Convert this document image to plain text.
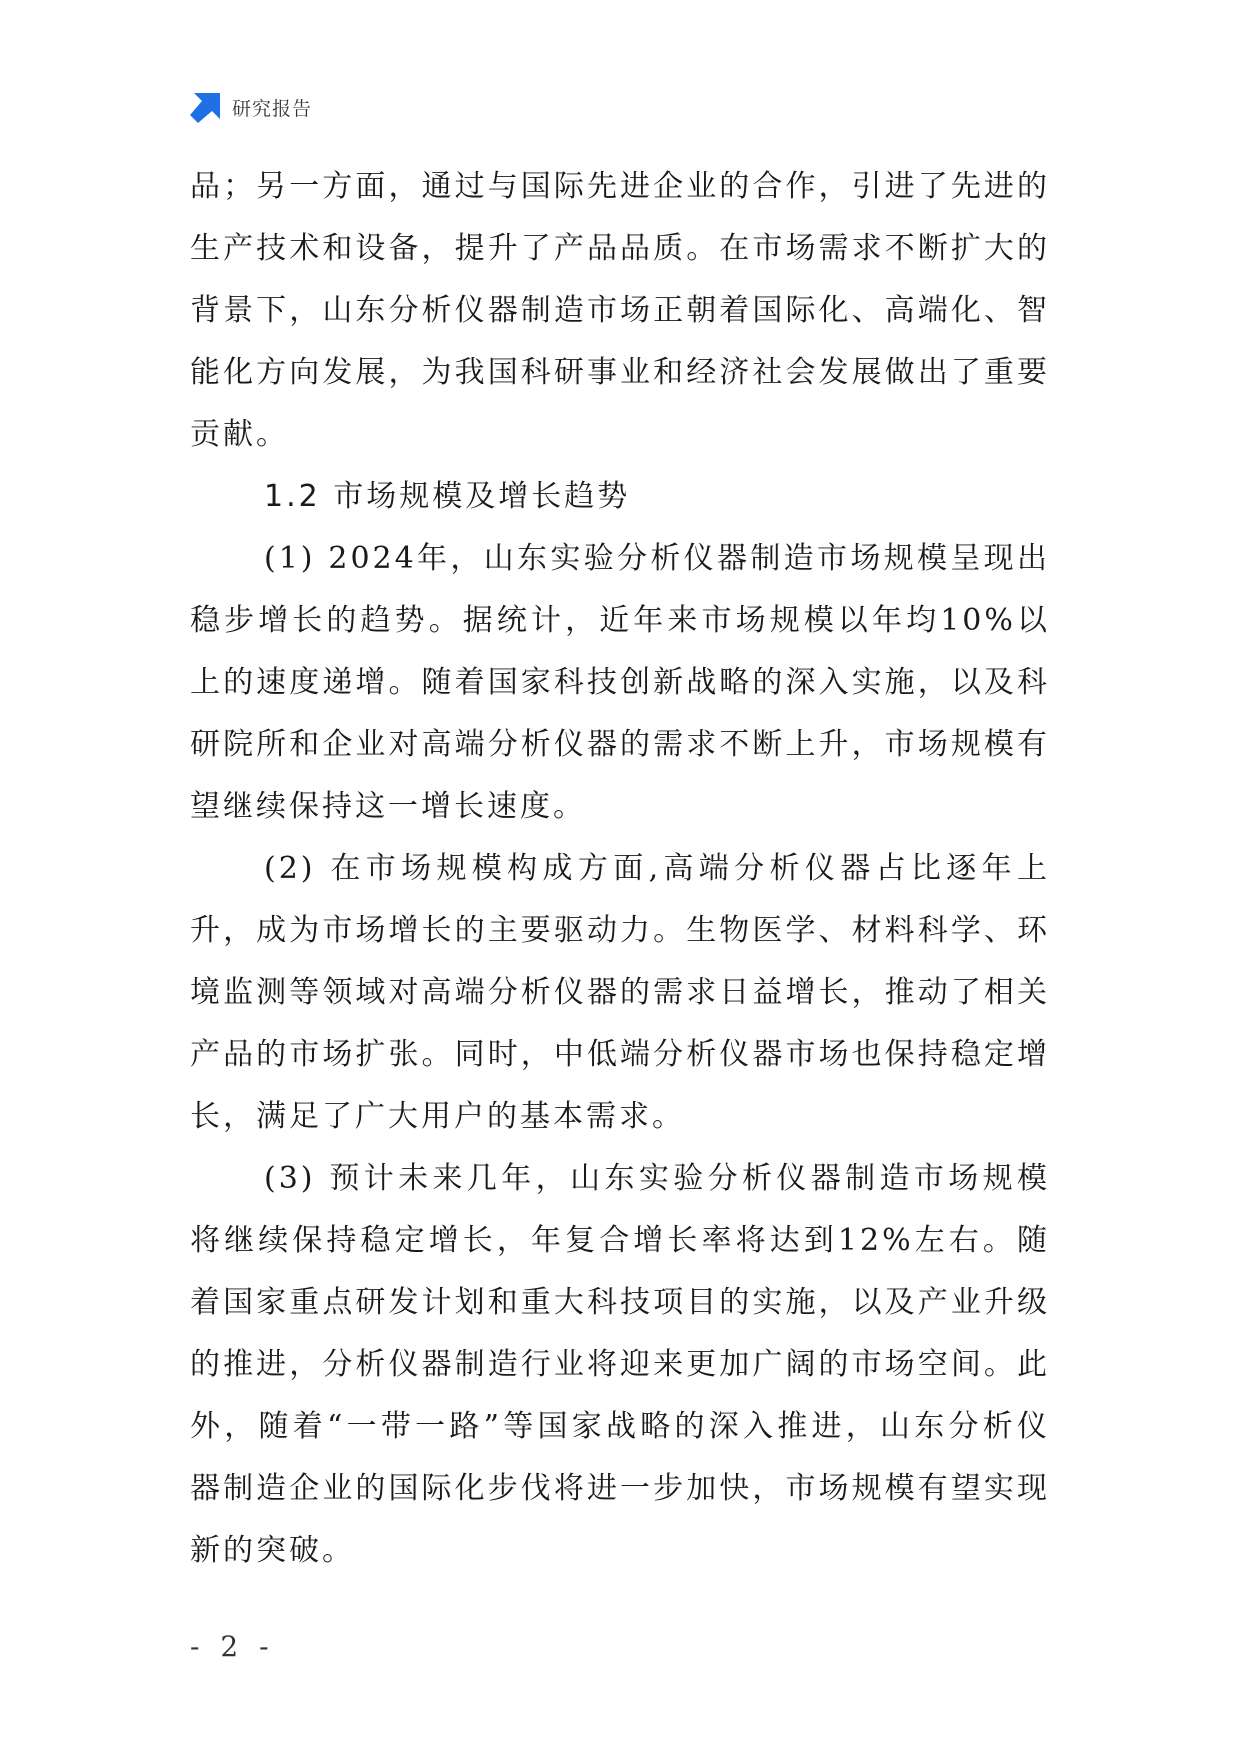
研究报告

品；另一方面，通过与国际先进企业的合作，引进了先进的生产技术和设备，提升了产品品质。在市场需求不断扩大的背景下，山东分析仪器制造市场正朝着国际化、高端化、智能化方向发展，为我国科研事业和经济社会发展做出了重要贡献。

1.2 市场规模及增长趋势

(1) 2024年，山东实验分析仪器制造市场规模呈现出稳步增长的趋势。据统计，近年来市场规模以年均10%以上的速度递增。随着国家科技创新战略的深入实施，以及科研院所和企业对高端分析仪器的需求不断上升，市场规模有望继续保持这一增长速度。

(2) 在市场规模构成方面,高端分析仪器占比逐年上升，成为市场增长的主要驱动力。生物医学、材料科学、环境监测等领域对高端分析仪器的需求日益增长，推动了相关产品的市场扩张。同时，中低端分析仪器市场也保持稳定增长，满足了广大用户的基本需求。

(3) 预计未来几年，山东实验分析仪器制造市场规模将继续保持稳定增长，年复合增长率将达到12%左右。随着国家重点研发计划和重大科技项目的实施，以及产业升级的推进，分析仪器制造行业将迎来更加广阔的市场空间。此外，随着“一带一路”等国家战略的深入推进，山东分析仪器制造企业的国际化步伐将进一步加快，市场规模有望实现新的突破。

- 2 -
